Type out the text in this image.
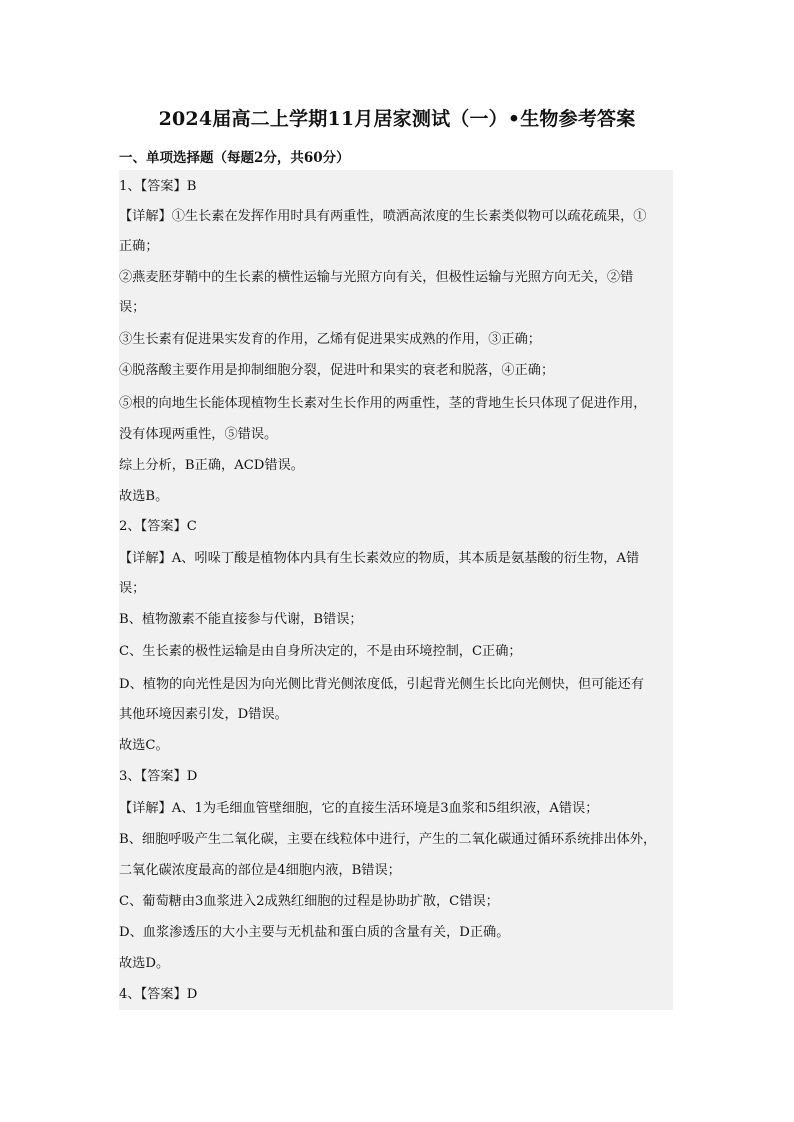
2024届高二上学期11月居家测试（一）•生物参考答案
一、单项选择题（每题2分，共60分）
1、【答案】B
【详解】①生长素在发挥作用时具有两重性，喷洒高浓度的生长素类似物可以疏花疏果，①
正确；
②燕麦胚芽鞘中的生长素的横性运输与光照方向有关，但极性运输与光照方向无关，②错
误；
③生长素有促进果实发育的作用，乙烯有促进果实成熟的作用，③正确；
④脱落酸主要作用是抑制细胞分裂，促进叶和果实的衰老和脱落，④正确；
⑤根的向地生长能体现植物生长素对生长作用的两重性，茎的背地生长只体现了促进作用，
没有体现两重性，⑤错误。
综上分析，B正确，ACD错误。
故选B。
2、【答案】C
【详解】A、吲哚丁酸是植物体内具有生长素效应的物质，其本质是氨基酸的衍生物，A错
误；
B、植物激素不能直接参与代谢，B错误；
C、生长素的极性运输是由自身所决定的，不是由环境控制，C正确；
D、植物的向光性是因为向光侧比背光侧浓度低，引起背光侧生长比向光侧快，但可能还有
其他环境因素引发，D错误。
故选C。
3、【答案】D
【详解】A、1为毛细血管壁细胞，它的直接生活环境是3血浆和5组织液，A错误；
B、细胞呼吸产生二氧化碳，主要在线粒体中进行，产生的二氧化碳通过循环系统排出体外，
二氧化碳浓度最高的部位是4细胞内液，B错误；
C、葡萄糖由3血浆进入2成熟红细胞的过程是协助扩散，C错误；
D、血浆渗透压的大小主要与无机盐和蛋白质的含量有关，D正确。
故选D。
4、【答案】D
